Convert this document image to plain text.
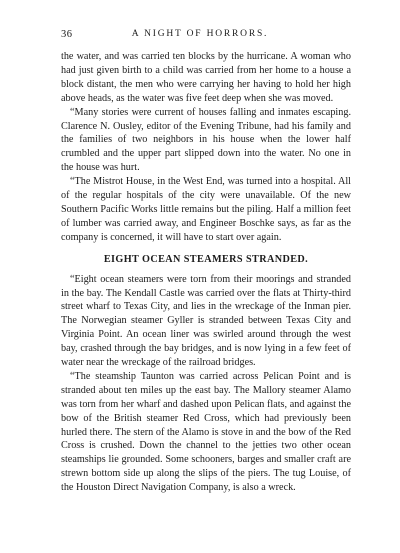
36	A NIGHT OF HORRORS.

the water, and was carried ten blocks by the hurricane. A woman who had just given birth to a child was carried from her home to a house a block distant, the men who were carrying her having to hold her high above heads, as the water was five feet deep when she was moved.

“Many stories were current of houses falling and inmates escaping. Clarence N. Ousley, editor of the Evening Tribune, had his family and the families of two neighbors in his house when the lower half crumbled and the upper part slipped down into the water. No one in the house was hurt.

“The Mistrot House, in the West End, was turned into a hospital. All of the regular hospitals of the city were unavailable. Of the new Southern Pacific Works little remains but the piling. Half a million feet of lumber was carried away, and Engineer Boschke says, as far as the company is concerned, it will have to start over again.

EIGHT OCEAN STEAMERS STRANDED.

“Eight ocean steamers were torn from their moorings and stranded in the bay. The Kendall Castle was carried over the flats at Thirty-third street wharf to Texas City, and lies in the wreckage of the Inman pier. The Norwegian steamer Gyller is stranded between Texas City and Virginia Point. An ocean liner was swirled around through the west bay, crashed through the bay bridges, and is now lying in a few feet of water near the wreckage of the railroad bridges.

“The steamship Taunton was carried across Pelican Point and is stranded about ten miles up the east bay. The Mallory steamer Alamo was torn from her wharf and dashed upon Pelican flats, and against the bow of the British steamer Red Cross, which had previously been hurled there. The stern of the Alamo is stove in and the bow of the Red Cross is crushed. Down the channel to the jetties two other ocean steamships lie grounded. Some schooners, barges and smaller craft are strewn bottom side up along the slips of the piers. The tug Louise, of the Houston Direct Navigation Company, is also a wreck.
